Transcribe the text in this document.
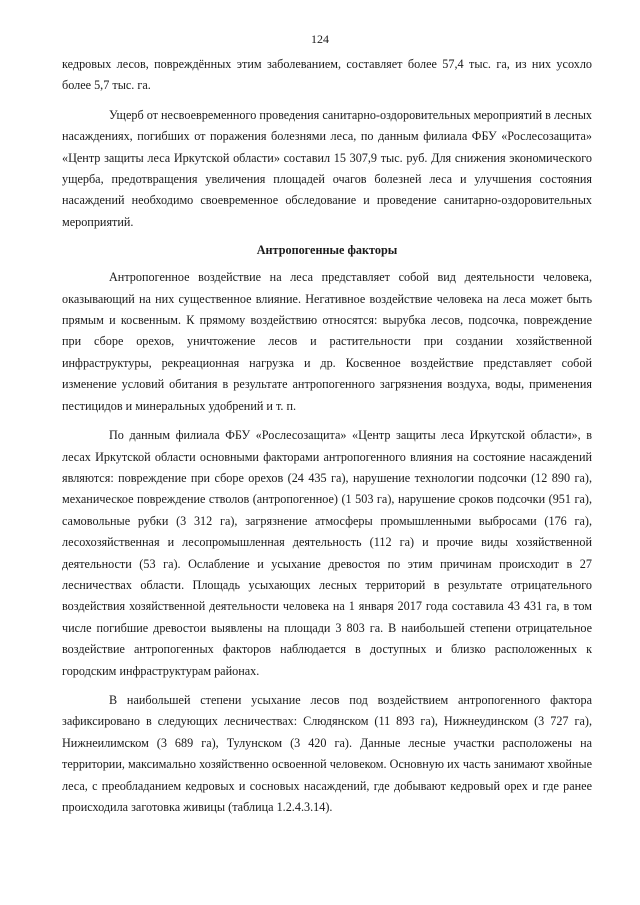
124

кедровых лесов, повреждённых этим заболеванием, составляет более 57,4 тыс. га, из них усохло более 5,7 тыс. га.

Ущерб от несвоевременного проведения санитарно-оздоровительных мероприятий в лесных насаждениях, погибших от поражения болезнями леса, по данным филиала ФБУ «Рослесозащита» «Центр защиты леса Иркутской области» составил 15 307,9 тыс. руб. Для снижения экономического ущерба, предотвращения увеличения площадей очагов болезней леса и улучшения состояния насаждений необходимо своевременное обследование и проведение санитарно-оздоровительных мероприятий.

Антропогенные факторы

Антропогенное воздействие на леса представляет собой вид деятельности человека, оказывающий на них существенное влияние. Негативное воздействие человека на леса может быть прямым и косвенным. К прямому воздействию относятся: вырубка лесов, подсочка, повреждение при сборе орехов, уничтожение лесов и растительности при создании хозяйственной инфраструктуры, рекреационная нагрузка и др. Косвенное воздействие представляет собой изменение условий обитания в результате антропогенного загрязнения воздуха, воды, применения пестицидов и минеральных удобрений и т. п.

По данным филиала ФБУ «Рослесозащита» «Центр защиты леса Иркутской области», в лесах Иркутской области основными факторами антропогенного влияния на состояние насаждений являются: повреждение при сборе орехов (24 435 га), нарушение технологии подсочки (12 890 га), механическое повреждение стволов (антропогенное) (1 503 га), нарушение сроков подсочки (951 га), самовольные рубки (3 312 га), загрязнение атмосферы промышленными выбросами (176 га), лесохозяйственная и лесопромышленная деятельность (112 га) и прочие виды хозяйственной деятельности (53 га). Ослабление и усыхание древостоя по этим причинам происходит в 27 лесничествах области. Площадь усыхающих лесных территорий в результате отрицательного воздействия хозяйственной деятельности человека на 1 января 2017 года составила 43 431 га, в том числе погибшие древостои выявлены на площади 3 803 га. В наибольшей степени отрицательное воздействие антропогенных факторов наблюдается в доступных и близко расположенных к городским инфраструктурам районах.

В наибольшей степени усыхание лесов под воздействием антропогенного фактора зафиксировано в следующих лесничествах: Слюдянском (11 893 га), Нижнеудинском (3 727 га), Нижнеилимском (3 689 га), Тулунском (3 420 га). Данные лесные участки расположены на территории, максимально хозяйственно освоенной человеком. Основную их часть занимают хвойные леса, с преобладанием кедровых и сосновых насаждений, где добывают кедровый орех и где ранее происходила заготовка живицы (таблица 1.2.4.3.14).
